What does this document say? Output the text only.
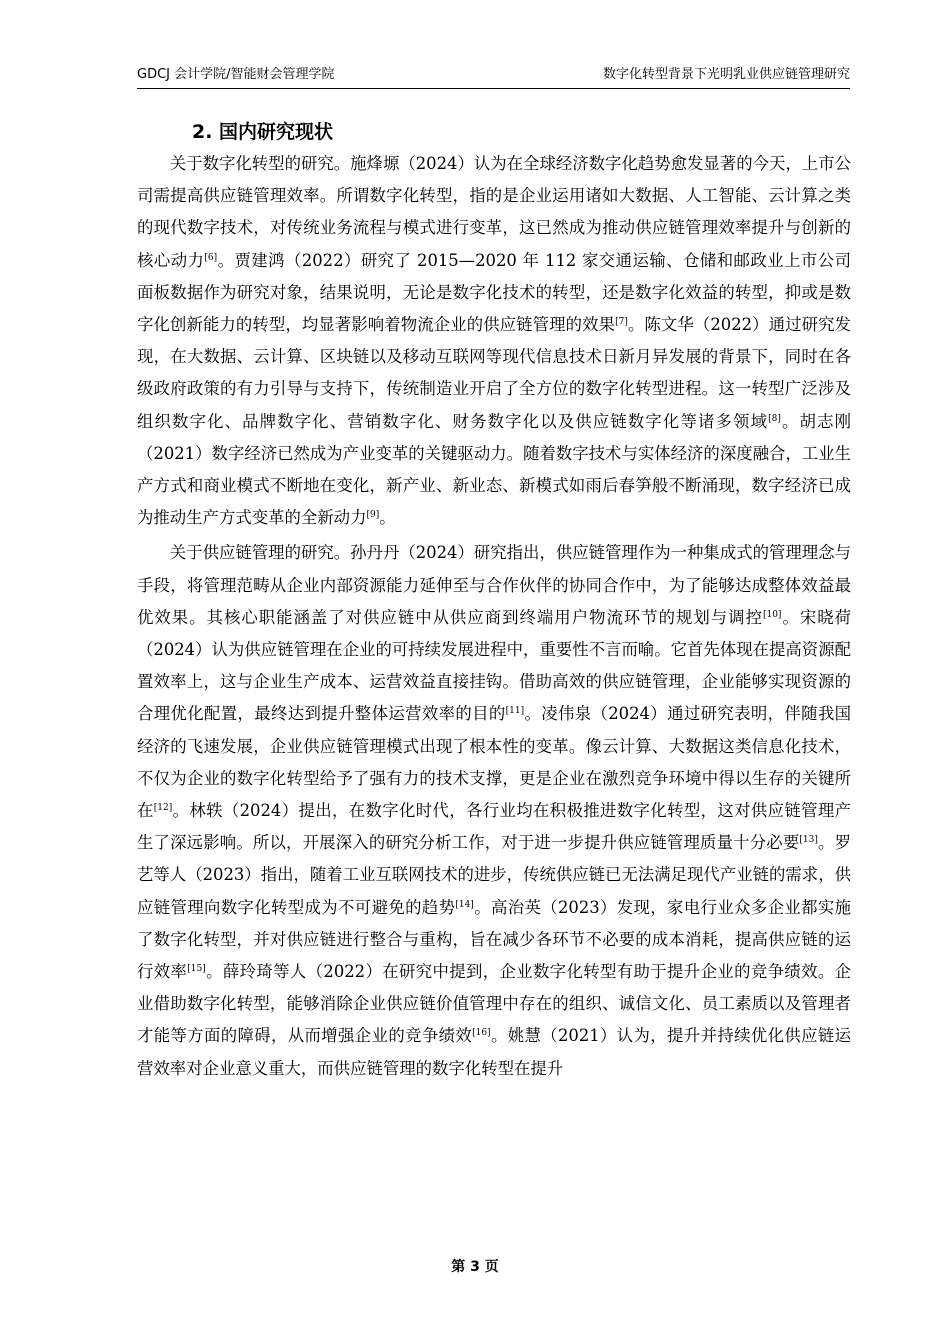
GDCJ 会计学院/智能财会管理学院	数字化转型背景下光明乳业供应链管理研究
2. 国内研究现状

关于数字化转型的研究。施烽塬（2024）认为在全球经济数字化趋势愈发显著的今天，上市公司需提高供应链管理效率。所谓数字化转型，指的是企业运用诸如大数据、人工智能、云计算之类的现代数字技术，对传统业务流程与模式进行变革，这已然成为推动供应链管理效率提升与创新的核心动力[6]。贾建鸿（2022）研究了 2015—2020 年 112 家交通运输、仓储和邮政业上市公司面板数据作为研究对象，结果说明，无论是数字化技术的转型，还是数字化效益的转型，抑或是数字化创新能力的转型，均显著影响着物流企业的供应链管理的效果[7]。陈文华（2022）通过研究发现，在大数据、云计算、区块链以及移动互联网等现代信息技术日新月异发展的背景下，同时在各级政府政策的有力引导与支持下，传统制造业开启了全方位的数字化转型进程。这一转型广泛涉及组织数字化、品牌数字化、营销数字化、财务数字化以及供应链数字化等诸多领域[8]。胡志刚（2021）数字经济已然成为产业变革的关键驱动力。随着数字技术与实体经济的深度融合，工业生产方式和商业模式不断地在变化，新产业、新业态、新模式如雨后春笋般不断涌现，数字经济已成为推动生产方式变革的全新动力[9]。

关于供应链管理的研究。孙丹丹（2024）研究指出，供应链管理作为一种集成式的管理理念与手段，将管理范畴从企业内部资源能力延伸至与合作伙伴的协同合作中，为了能够达成整体效益最优效果。其核心职能涵盖了对供应链中从供应商到终端用户物流环节的规划与调控[10]。宋晓荷（2024）认为供应链管理在企业的可持续发展进程中，重要性不言而喻。它首先体现在提高资源配置效率上，这与企业生产成本、运营效益直接挂钩。借助高效的供应链管理，企业能够实现资源的合理优化配置，最终达到提升整体运营效率的目的[11]。凌伟泉（2024）通过研究表明，伴随我国经济的飞速发展，企业供应链管理模式出现了根本性的变革。像云计算、大数据这类信息化技术，不仅为企业的数字化转型给予了强有力的技术支撑，更是企业在激烈竞争环境中得以生存的关键所在[12]。林轶（2024）提出，在数字化时代，各行业均在积极推进数字化转型，这对供应链管理产生了深远影响。所以，开展深入的研究分析工作，对于进一步提升供应链管理质量十分必要[13]。罗艺等人（2023）指出，随着工业互联网技术的进步，传统供应链已无法满足现代产业链的需求，供应链管理向数字化转型成为不可避免的趋势[14]。高治英（2023）发现，家电行业众多企业都实施了数字化转型，并对供应链进行整合与重构，旨在减少各环节不必要的成本消耗，提高供应链的运行效率[15]。薛玲琦等人（2022）在研究中提到，企业数字化转型有助于提升企业的竞争绩效。企业借助数字化转型，能够消除企业供应链价值管理中存在的组织、诚信文化、员工素质以及管理者才能等方面的障碍，从而增强企业的竞争绩效[16]。姚慧（2021）认为，提升并持续优化供应链运营效率对企业意义重大，而供应链管理的数字化转型在提升

第 3 页
